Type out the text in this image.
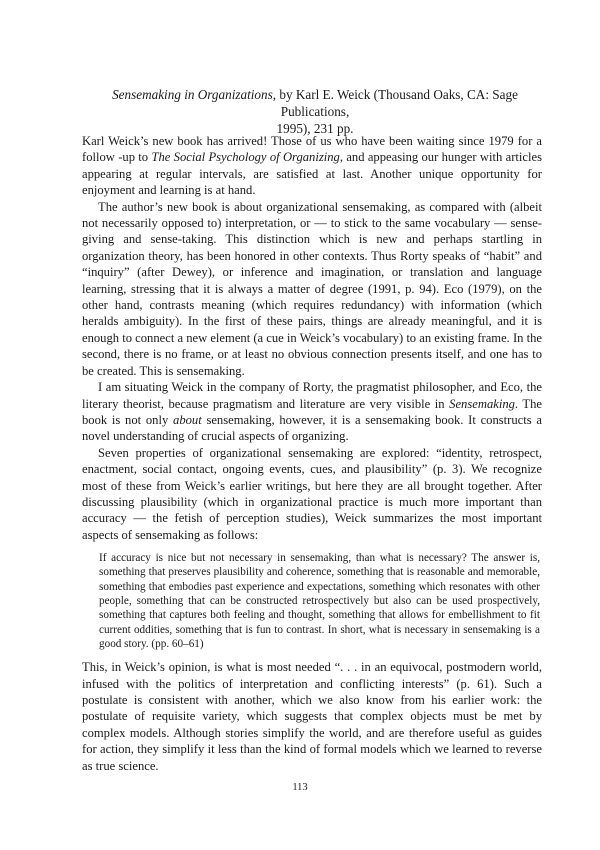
Sensemaking in Organizations, by Karl E. Weick (Thousand Oaks, CA: Sage Publications,
1995), 231 pp.

Karl Weick’s new book has arrived! Those of us who have been waiting since 1979 for a follow -up to The Social Psychology of Organizing, and appeasing our hunger with articles appearing at regular intervals, are satisfied at last. Another unique opportunity for enjoyment and learning is at hand.

The author’s new book is about organizational sensemaking, as compared with (albeit not necessarily opposed to) interpretation, or — to stick to the same vocabulary — sense-giving and sense-taking. This distinction which is new and perhaps startling in organization theory, has been honored in other contexts. Thus Rorty speaks of “habit” and “inquiry” (after Dewey), or inference and imagination, or translation and language learning, stressing that it is always a matter of degree (1991, p. 94). Eco (1979), on the other hand, contrasts meaning (which requires redundancy) with information (which heralds ambiguity). In the first of these pairs, things are already meaningful, and it is enough to connect a new element (a cue in Weick’s vocabulary) to an existing frame. In the second, there is no frame, or at least no obvious connection presents itself, and one has to be created. This is sensemaking.

I am situating Weick in the company of Rorty, the pragmatist philosopher, and Eco, the literary theorist, because pragmatism and literature are very visible in Sensemaking. The book is not only about sensemaking, however, it is a sensemaking book. It constructs a novel understanding of crucial aspects of organizing.

Seven properties of organizational sensemaking are explored: “identity, retrospect, enactment, social contact, ongoing events, cues, and plausibility” (p. 3). We recognize most of these from Weick’s earlier writings, but here they are all brought together. After discussing plausibility (which in organizational practice is much more important than accuracy — the fetish of perception studies), Weick summarizes the most important aspects of sensemaking as follows:

If accuracy is nice but not necessary in sensemaking, than what is necessary? The answer is, something that preserves plausibility and coherence, something that is reasonable and memorable, something that embodies past experience and expectations, something which resonates with other people, something that can be constructed retrospectively but also can be used prospectively, something that captures both feeling and thought, something that allows for embellishment to fit current oddities, something that is fun to contrast. In short, what is necessary in sensemaking is a good story. (pp. 60–61)

This, in Weick’s opinion, is what is most needed “. . . in an equivocal, postmodern world, infused with the politics of interpretation and conflicting interests” (p. 61). Such a postulate is consistent with another, which we also know from his earlier work: the postulate of requisite variety, which suggests that complex objects must be met by complex models. Although stories simplify the world, and are therefore useful as guides for action, they simplify it less than the kind of formal models which we learned to reverse as true science.

113
